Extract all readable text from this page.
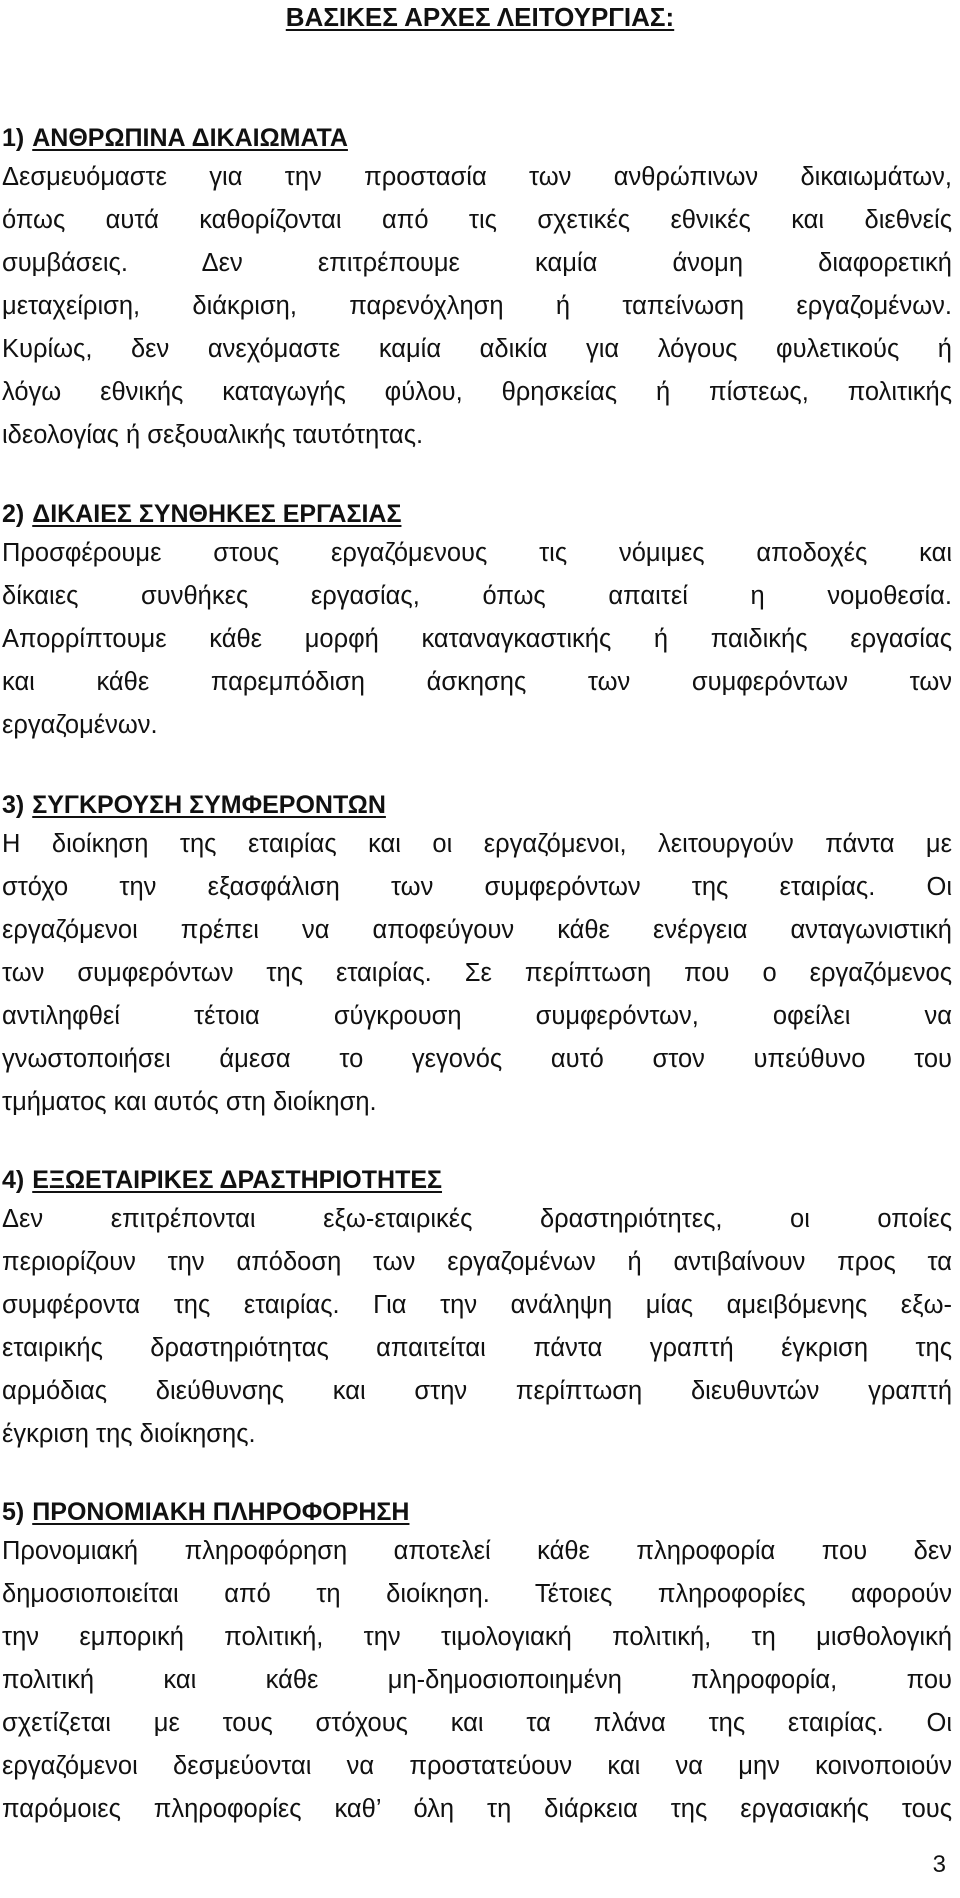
ΒΑΣΙΚΕΣ ΑΡΧΕΣ ΛΕΙΤΟΥΡΓΙΑΣ:
1) ΑΝΘΡΩΠΙΝΑ ΔΙΚΑΙΩΜΑΤΑ
Δεσμευόμαστε για την προστασία των ανθρώπινων δικαιωμάτων,
όπως αυτά καθορίζονται από τις σχετικές εθνικές και διεθνείς
συμβάσεις. Δεν επιτρέπουμε καμία άνομη διαφορετική
μεταχείριση, διάκριση, παρενόχληση ή ταπείνωση εργαζομένων.
Κυρίως, δεν ανεχόμαστε καμία αδικία για λόγους φυλετικούς ή
λόγω εθνικής καταγωγής φύλου, θρησκείας ή πίστεως, πολιτικής
ιδεολογίας ή σεξουαλικής ταυτότητας.
2) ΔΙΚΑΙΕΣ ΣΥΝΘΗΚΕΣ ΕΡΓΑΣΙΑΣ
Προσφέρουμε στους εργαζόμενους τις νόμιμες αποδοχές και
δίκαιες συνθήκες εργασίας, όπως απαιτεί η νομοθεσία.
Απορρίπτουμε κάθε μορφή καταναγκαστικής ή παιδικής εργασίας
και κάθε παρεμπόδιση άσκησης των συμφερόντων των
εργαζομένων.
3) ΣΥΓΚΡΟΥΣΗ ΣΥΜΦΕΡΟΝΤΩΝ
Η διοίκηση της εταιρίας και οι εργαζόμενοι, λειτουργούν πάντα με
στόχο την εξασφάλιση των συμφερόντων της εταιρίας. Οι
εργαζόμενοι πρέπει να αποφεύγουν κάθε ενέργεια ανταγωνιστική
των συμφερόντων της εταιρίας. Σε περίπτωση που ο εργαζόμενος
αντιληφθεί τέτοια σύγκρουση συμφερόντων, οφείλει να
γνωστοποιήσει άμεσα το γεγονός αυτό στον υπεύθυνο του
τμήματος και αυτός στη διοίκηση.
4) ΕΞΩΕΤΑΙΡΙΚΕΣ ΔΡΑΣΤΗΡΙΟΤΗΤΕΣ
Δεν επιτρέπονται εξω-εταιρικές δραστηριότητες, οι οποίες
περιορίζουν την απόδοση των εργαζομένων ή αντιβαίνουν προς τα
συμφέροντα της εταιρίας. Για την ανάληψη μίας αμειβόμενης εξω-
εταιρικής δραστηριότητας απαιτείται πάντα γραπτή έγκριση της
αρμόδιας διεύθυνσης και στην περίπτωση διευθυντών γραπτή
έγκριση της διοίκησης.
5) ΠΡΟΝΟΜΙΑΚΗ ΠΛΗΡΟΦΟΡΗΣΗ
Προνομιακή πληροφόρηση αποτελεί κάθε πληροφορία που δεν
δημοσιοποιείται από τη διοίκηση. Τέτοιες πληροφορίες αφορούν
την εμπορική πολιτική, την τιμολογιακή πολιτική, τη μισθολογική
πολιτική και κάθε μη-δημοσιοποιημένη πληροφορία, που
σχετίζεται με τους στόχους και τα πλάνα της εταιρίας. Οι
εργαζόμενοι δεσμεύονται να προστατεύουν και να μην κοινοποιούν
παρόμοιες πληροφορίες καθ’ όλη τη διάρκεια της εργασιακής τους
3
